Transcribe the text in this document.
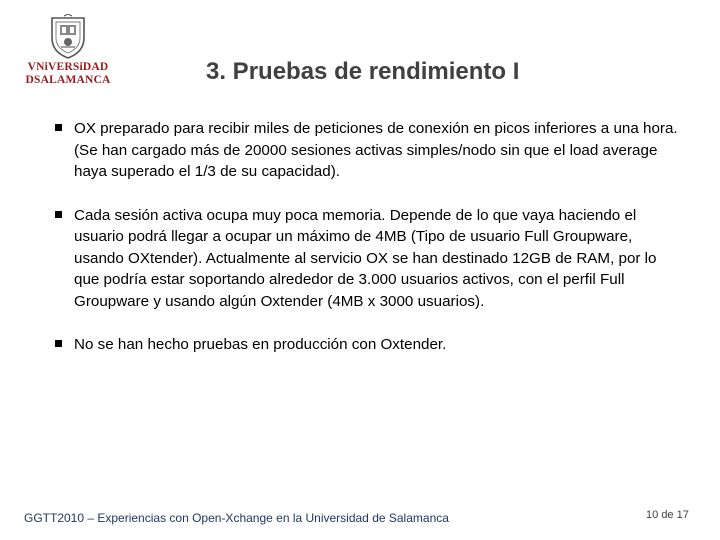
VNiVERSiDAD
DSALAMANCA	3. Pruebas de rendimiento I
OX preparado para recibir miles de peticiones de conexión en picos inferiores a una hora.(Se han cargado más de 20000 sesiones activas simples/nodo sin que el load average haya superado el 1/3 de su capacidad).
Cada sesión activa ocupa muy poca memoria. Depende de lo que vaya haciendo el usuario podrá llegar a ocupar un máximo de 4MB (Tipo de usuario Full Groupware, usando OXtender). Actualmente al servicio OX se han destinado 12GB de RAM, por lo que podría estar soportando alrededor de 3.000 usuarios activos, con el perfil Full Groupware y usando algún Oxtender (4MB x 3000 usuarios).
No se han hecho pruebas en producción con Oxtender.
GGTT2010 – Experiencias con Open-Xchange en la Universidad de Salamanca	10 de 17
